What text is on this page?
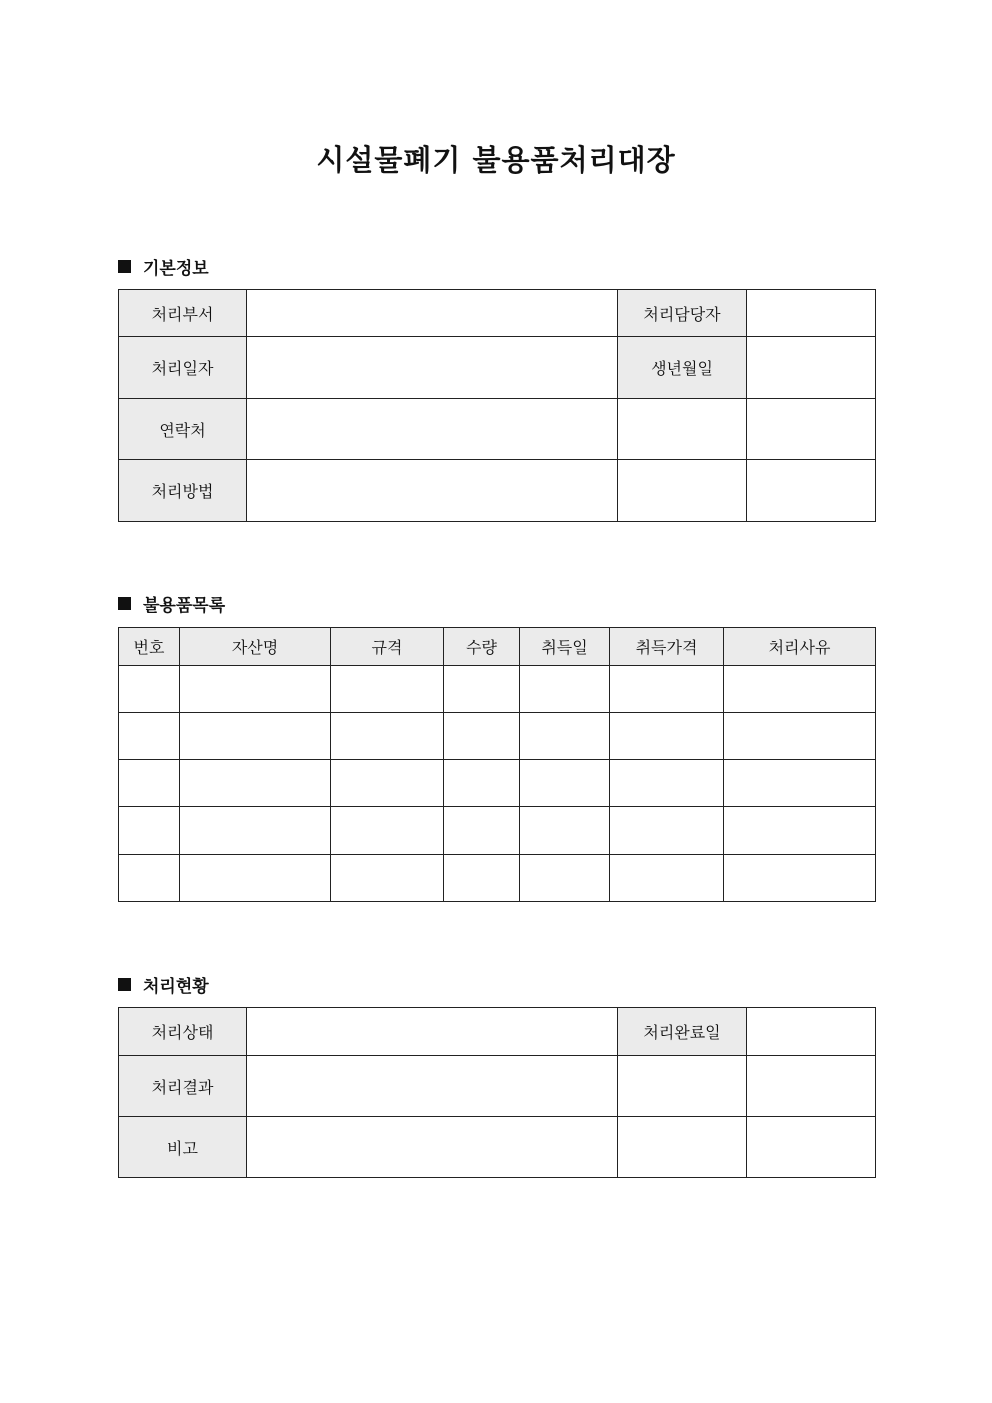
시설물폐기 불용품처리대장
기본정보
처리부서		처리담당자	
처리일자		생년월일	
연락처			
처리방법			
불용품목록
번호	자산명	규격	수량	취득일	취득가격	처리사유

처리현황
처리상태		처리완료일	
처리결과			
비고			
